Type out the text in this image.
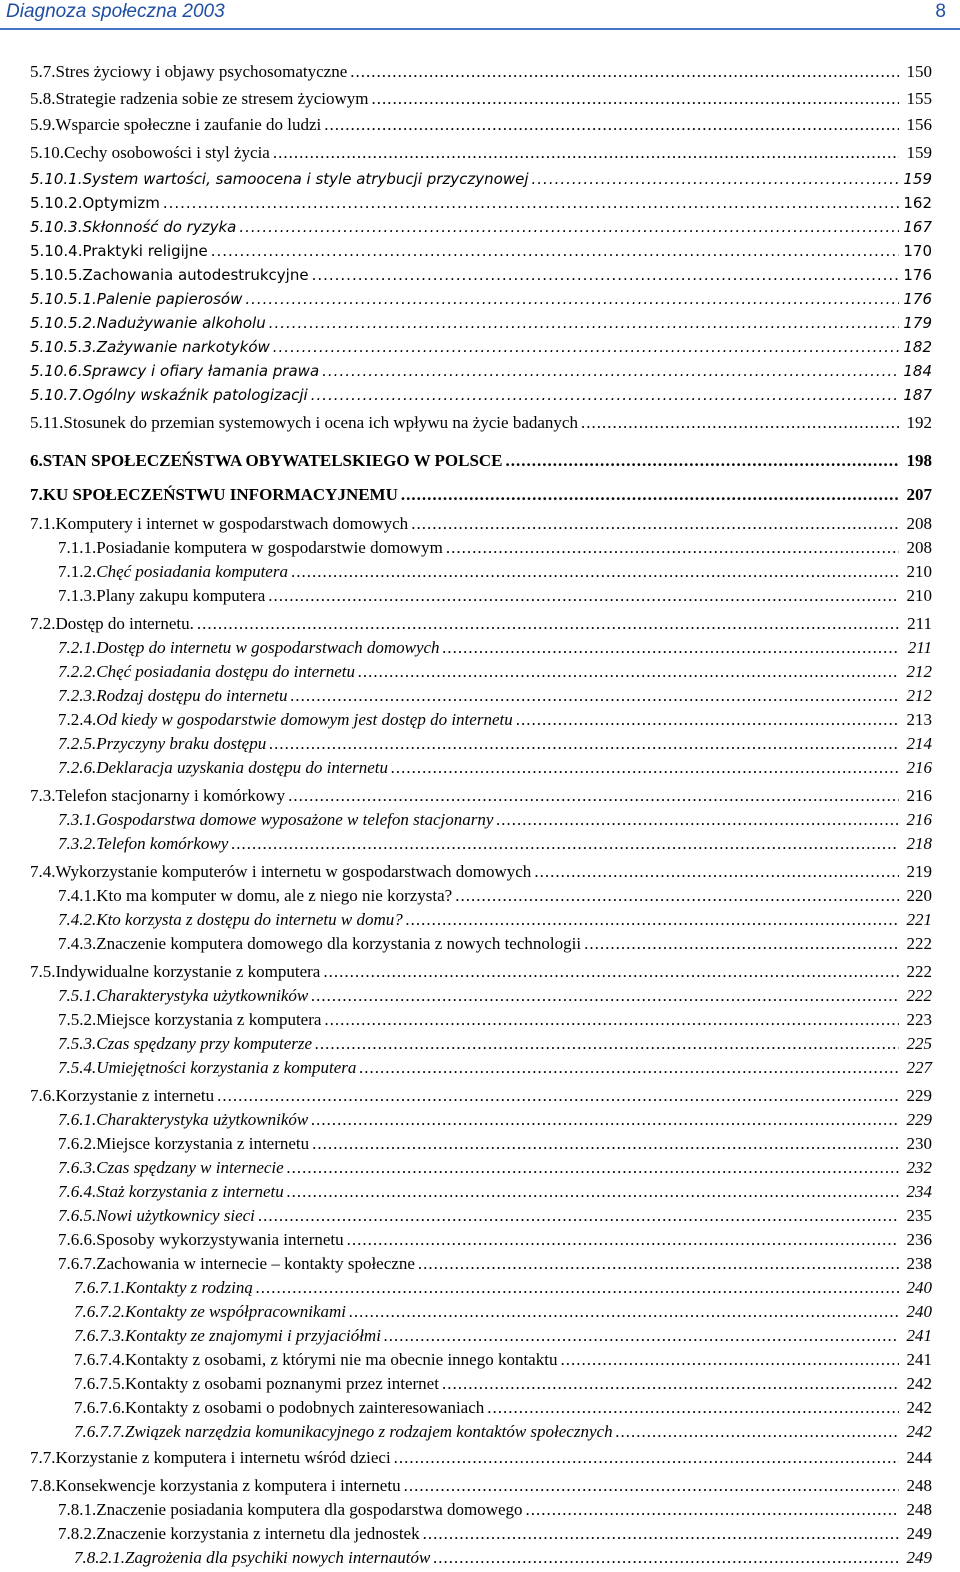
Diagnoza społeczna 2003	8
5.7. Stres życiowy i objawy psychosomatyczne .....	150
5.8. Strategie radzenia sobie ze stresem życiowym .....	155
5.9. Wsparcie społeczne i zaufanie do ludzi .....	156
5.10. Cechy osobowości i styl życia .....	159
5.10.1. System wartości, samoocena i style atrybucji przyczynowej .....	159
5.10.2. Optymizm .....	162
5.10.3. Skłonność do ryzyka .....	167
5.10.4. Praktyki religijne .....	170
5.10.5. Zachowania autodestrukcyjne .....	176
5.10.5.1. Palenie papierosów .....	176
5.10.5.2. Nadużywanie alkoholu .....	179
5.10.5.3. Zażywanie narkotyków .....	182
5.10.6. Sprawcy i ofiary łamania prawa .....	184
5.10.7. Ogólny wskaźnik patologizacji .....	187
5.11. Stosunek do przemian systemowych i ocena ich wpływu na życie badanych .....	192
6. STAN SPOŁECZEŃSTWA OBYWATELSKIEGO W POLSCE .....	198
7. KU SPOŁECZEŃSTWU INFORMACYJNEMU .....	207
7.1. Komputery i internet w gospodarstwach domowych .....	208
7.1.1. Posiadanie komputera w gospodarstwie domowym .....	208
7.1.2. Chęć posiadania komputera .....	210
7.1.3. Plany zakupu komputera .....	210
7.2. Dostęp do internetu. .....	211
7.2.1. Dostęp do internetu w gospodarstwach domowych .....	211
7.2.2. Chęć posiadania dostępu do internetu .....	212
7.2.3. Rodzaj dostępu do internetu .....	212
7.2.4. Od kiedy w gospodarstwie domowym jest dostęp do internetu .....	213
7.2.5. Przyczyny braku dostępu .....	214
7.2.6. Deklaracja uzyskania dostępu do internetu .....	216
7.3. Telefon stacjonarny i komórkowy .....	216
7.3.1. Gospodarstwa domowe wyposażone w telefon stacjonarny .....	216
7.3.2. Telefon komórkowy .....	218
7.4. Wykorzystanie komputerów i internetu w gospodarstwach domowych .....	219
7.4.1. Kto ma komputer w domu, ale z niego nie korzysta? .....	220
7.4.2. Kto korzysta z dostępu do internetu w domu? .....	221
7.4.3. Znaczenie komputera domowego dla korzystania z nowych technologii .....	222
7.5. Indywidualne korzystanie z komputera .....	222
7.5.1. Charakterystyka użytkowników .....	222
7.5.2. Miejsce korzystania z komputera .....	223
7.5.3. Czas spędzany przy komputerze .....	225
7.5.4. Umiejętności korzystania z komputera .....	227
7.6. Korzystanie z internetu .....	229
7.6.1. Charakterystyka użytkowników .....	229
7.6.2. Miejsce korzystania z internetu .....	230
7.6.3. Czas spędzany w internecie .....	232
7.6.4. Staż korzystania z internetu .....	234
7.6.5. Nowi użytkownicy sieci .....	235
7.6.6. Sposoby wykorzystywania internetu .....	236
7.6.7. Zachowania w internecie – kontakty społeczne .....	238
7.6.7.1. Kontakty z rodziną .....	240
7.6.7.2. Kontakty ze współpracownikami .....	240
7.6.7.3. Kontakty ze znajomymi i przyjaciółmi .....	241
7.6.7.4. Kontakty z osobami, z którymi nie ma obecnie innego kontaktu .....	241
7.6.7.5. Kontakty z osobami poznanymi przez internet .....	242
7.6.7.6. Kontakty z osobami o podobnych zainteresowaniach .....	242
7.6.7.7. Związek narzędzia komunikacyjnego z rodzajem kontaktów społecznych .....	242
7.7. Korzystanie z komputera i internetu wśród dzieci .....	244
7.8. Konsekwencje korzystania z komputera i internetu .....	248
7.8.1. Znaczenie posiadania komputera dla gospodarstwa domowego .....	248
7.8.2. Znaczenie korzystania z internetu dla jednostek .....	249
7.8.2.1. Zagrożenia dla psychiki nowych internautów .....	249
